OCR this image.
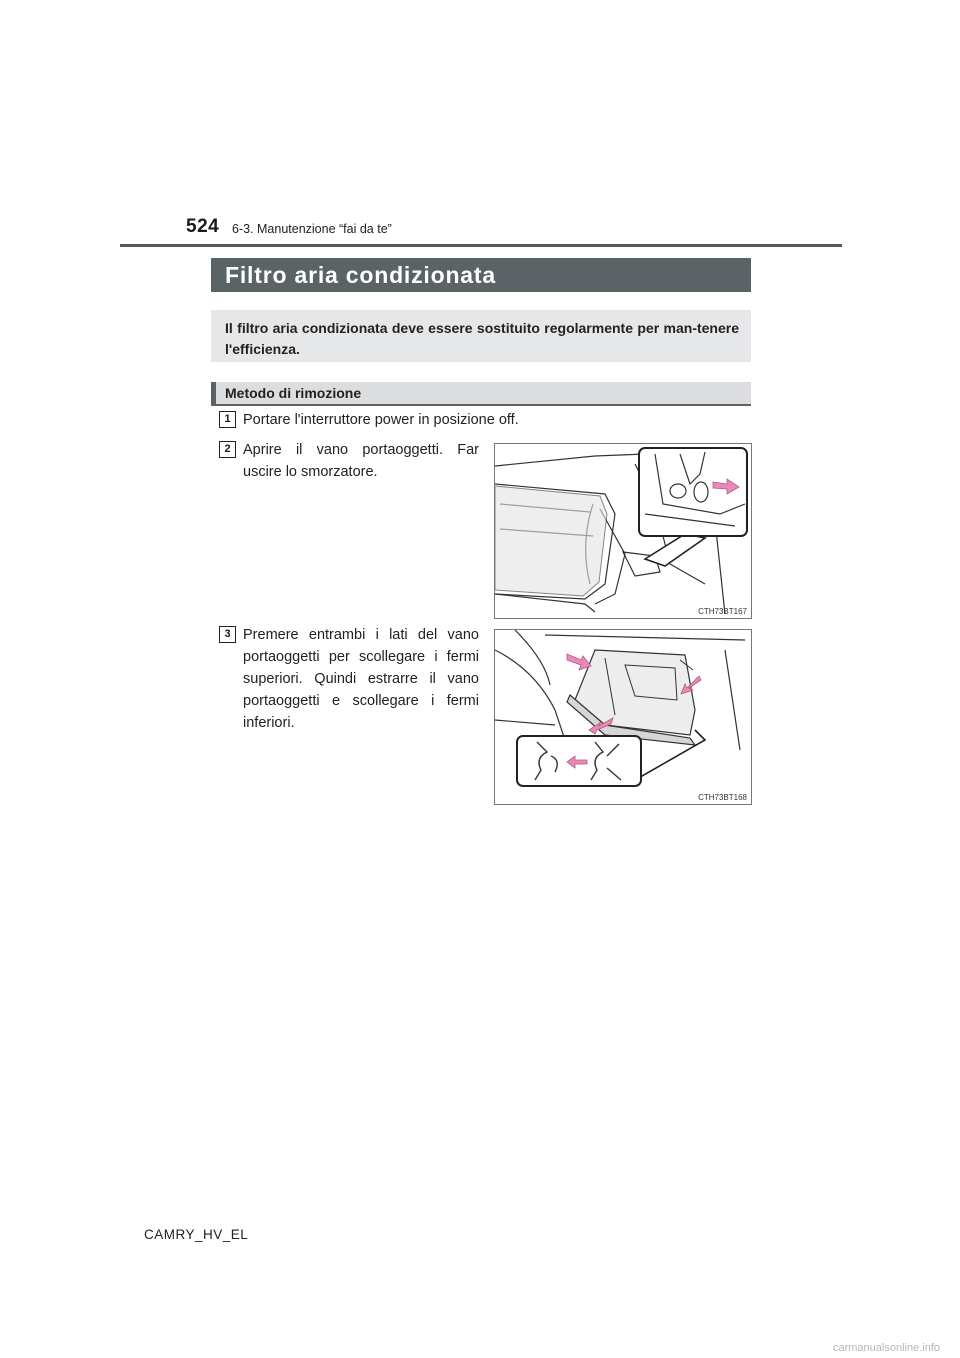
524 6-3. Manutenzione “fai da te”
Filtro aria condizionata
Il filtro aria condizionata deve essere sostituito regolarmente per man-tenere l'efficienza.
Metodo di rimozione
1 Portare l'interruttore power in posizione off.
2 Aprire il vano portaoggetti. Far uscire lo smorzatore.
3 Premere entrambi i lati del vano portaoggetti per scollegare i fermi superiori. Quindi estrarre il vano portaoggetti e scollegare i fermi inferiori.
CTH73BT167
CTH73BT168
CAMRY_HV_EL
carmanualsonline.info
